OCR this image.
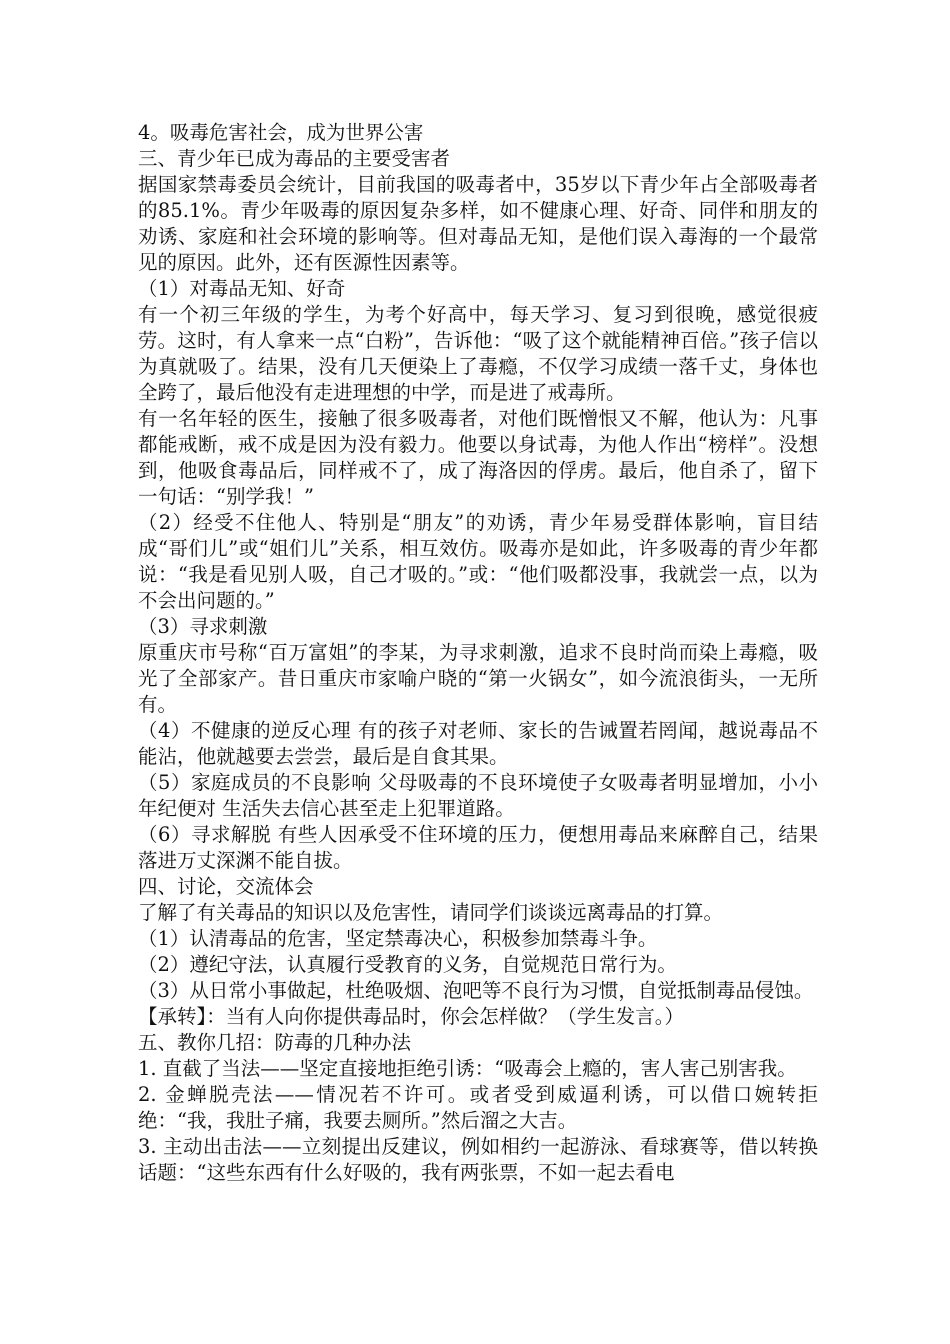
4。吸毒危害社会，成为世界公害

三、青少年已成为毒品的主要受害者

据国家禁毒委员会统计，目前我国的吸毒者中，35岁以下青少年占全部吸毒者的85.1%。青少年吸毒的原因复杂多样，如不健康心理、好奇、同伴和朋友的劝诱、家庭和社会环境的影响等。但对毒品无知，是他们误入毒海的一个最常见的原因。此外，还有医源性因素等。

（1）对毒品无知、好奇

有一个初三年级的学生，为考个好高中，每天学习、复习到很晚，感觉很疲劳。这时，有人拿来一点“白粉”，告诉他：“吸了这个就能精神百倍。”孩子信以为真就吸了。结果，没有几天便染上了毒瘾，不仅学习成绩一落千丈，身体也全跨了，最后他没有走进理想的中学，而是进了戒毒所。

有一名年轻的医生，接触了很多吸毒者，对他们既憎恨又不解，他认为：凡事都能戒断，戒不成是因为没有毅力。他要以身试毒，为他人作出“榜样”。没想到，他吸食毒品后，同样戒不了，成了海洛因的俘虏。最后，他自杀了，留下一句话：“别学我！”

（2）经受不住他人、特别是“朋友”的劝诱，青少年易受群体影响，盲目结成“哥们儿”或“姐们儿”关系，相互效仿。吸毒亦是如此，许多吸毒的青少年都说：“我是看见别人吸，自己才吸的。”或：“他们吸都没事，我就尝一点，以为不会出问题的。”

（3）寻求刺激

原重庆市号称“百万富姐”的李某，为寻求刺激，追求不良时尚而染上毒瘾，吸光了全部家产。昔日重庆市家喻户晓的“第一火锅女”，如今流浪街头，一无所有。

（4）不健康的逆反心理 有的孩子对老师、家长的告诫置若罔闻，越说毒品不能沾，他就越要去尝尝，最后是自食其果。

（5）家庭成员的不良影响 父母吸毒的不良环境使子女吸毒者明显增加，小小年纪便对 生活失去信心甚至走上犯罪道路。

（6）寻求解脱 有些人因承受不住环境的压力，便想用毒品来麻醉自己，结果落进万丈深渊不能自拔。

四、讨论，交流体会

了解了有关毒品的知识以及危害性，请同学们谈谈远离毒品的打算。

（1）认清毒品的危害，坚定禁毒决心，积极参加禁毒斗争。

（2）遵纪守法，认真履行受教育的义务，自觉规范日常行为。

（3）从日常小事做起，杜绝吸烟、泡吧等不良行为习惯，自觉抵制毒品侵蚀。

【承转】：当有人向你提供毒品时，你会怎样做？（学生发言。）

五、教你几招：防毒的几种办法

1. 直截了当法——坚定直接地拒绝引诱：“吸毒会上瘾的，害人害己别害我。

2. 金蝉脱壳法——情况若不许可。或者受到威逼利诱，可以借口婉转拒绝：“我，我肚子痛，我要去厕所。”然后溜之大吉。

3. 主动出击法——立刻提出反建议，例如相约一起游泳、看球赛等，借以转换话题：“这些东西有什么好吸的，我有两张票，不如一起去看电
